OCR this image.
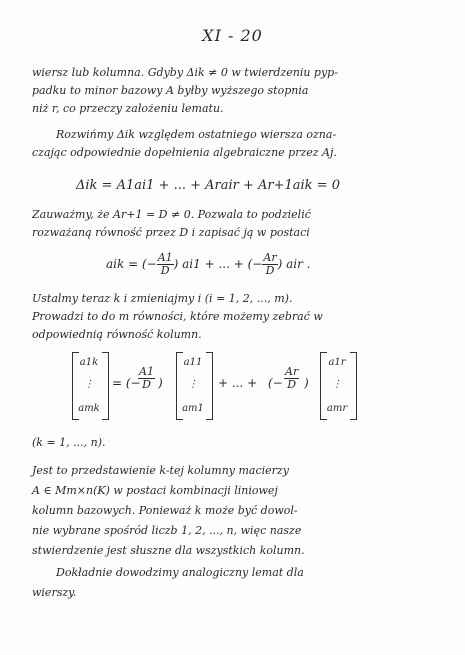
XI - 20
wiersz lub kolumna. Gdyby Δik ≠ 0 w twierdzeniu pyp-
padku to minor bazowy A byłby wyższego stopnia
niż r, co przeczy założeniu lematu.
Rozwińmy Δik względem ostatniego wiersza ozna-
czając odpowiednie dopełnienia algebraiczne przez Aj.
Δik = A1ai1 + ... + Arair + Ar+1aik = 0
Zauważmy, że Ar+1 = D ≠ 0. Pozwala to podzielić
rozważaną równość przez D i zapisać ją w postaci
aik = (− $\frac{A1}{D}$ ) ai1 + ... + (− $\frac{Ar}{D}$ ) air .
Ustalmy teraz k i zmieniajmy i (i = 1, 2, ..., m).
Prowadzi to do m równości, które możemy zebrać w
odpowiednią równość kolumn.
a1k
⋮
amk
= (−
$\frac{A1}{D}$ )
a11
⋮
am1
+ ... + (− $\frac{Ar}{D}$ )
a1r
⋮
amr
(k = 1, ..., n).
Jest to przedstawienie k-tej kolumny macierzy
A ∈ Mm×n(K) w postaci kombinacji liniowej
kolumn bazowych. Ponieważ k może być dowol-
nie wybrane spośród liczb 1, 2, ..., n, więc nasze
stwierdzenie jest słuszne dla wszystkich kolumn.
Dokładnie dowodzimy analogiczny lemat dla
wierszy.
